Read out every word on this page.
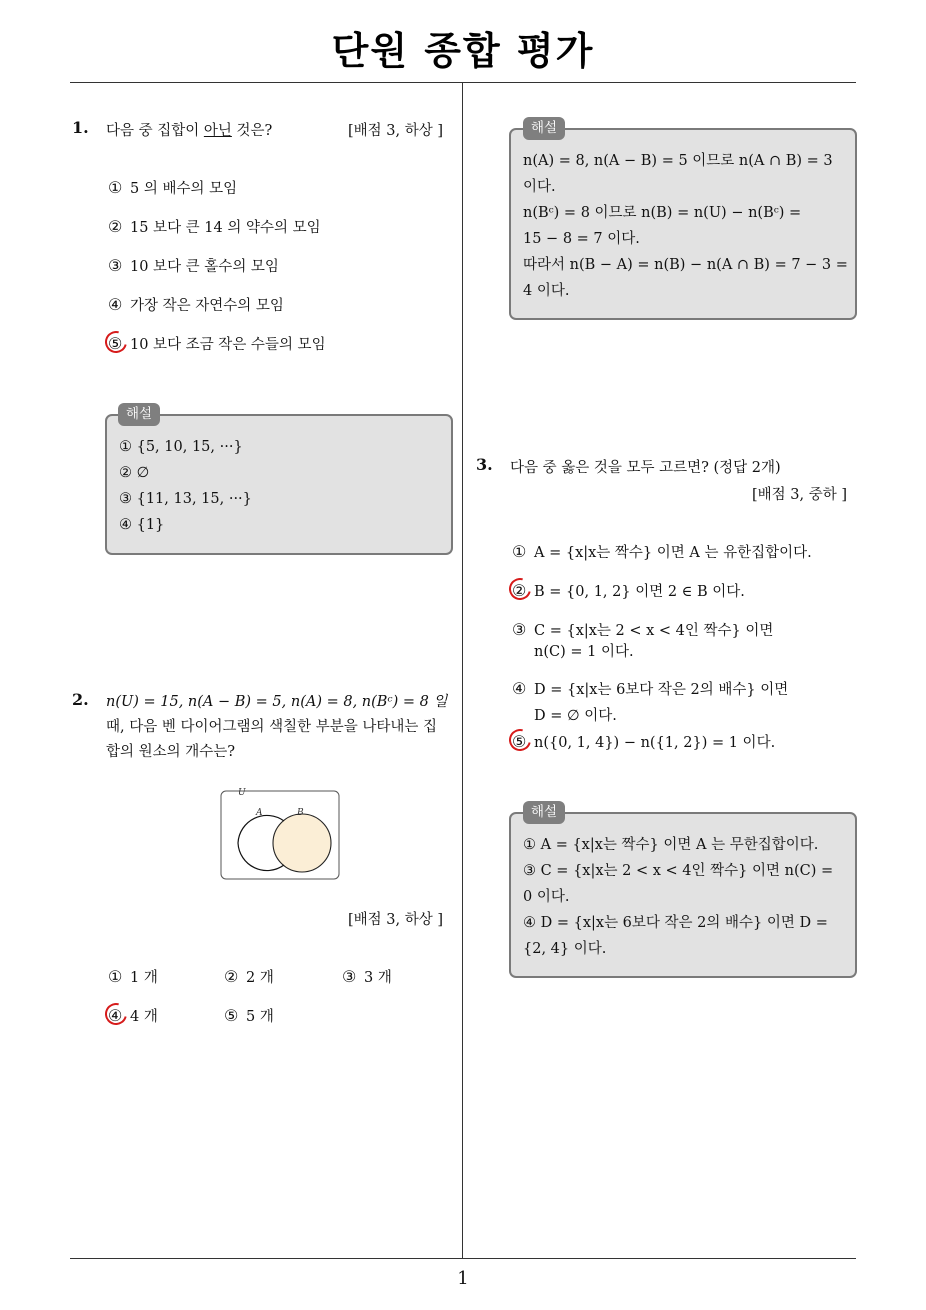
단원 종합 평가
1. 다음 중 집합이 아닌 것은?	[배점 3, 하상 ]
① 5 의 배수의 모임
② 15 보다 큰 14 의 약수의 모임
③ 10 보다 큰 홀수의 모임
④ 가장 작은 자연수의 모임
⑤ 10 보다 조금 작은 수들의 모임
① {5, 10, 15, ···}
② ∅
③ {11, 13, 15, ···}
④ {1}
해설
2. n(U) = 15, n(A − B) = 5, n(A) = 8, n(Bᶜ) = 8 일
때, 다음 벤 다이어그램의 색칠한 부분을 나타내는 집
합의 원소의 개수는?
U
A	B
[배점 3, 하상 ]
① 1 개	② 2 개	③ 3 개
④ 4 개	⑤ 5 개
n(A) = 8, n(A − B) = 5 이므로 n(A ∩ B) = 3
이다.
n(Bᶜ) = 8 이므로 n(B) = n(U) − n(Bᶜ) =
15 − 8 = 7 이다.
따라서 n(B − A) = n(B) − n(A ∩ B) = 7 − 3 =
4 이다.
해설
3. 다음 중 옳은 것을 모두 고르면? (정답 2개)
[배점 3, 중하 ]
① A = {x|x는 짝수} 이면 A 는 유한집합이다.
② B = {0, 1, 2} 이면 2 ∈ B 이다.
③ C = {x|x는 2 < x < 4인 짝수} 이면
n(C) = 1 이다.
④ D = {x|x는 6보다 작은 2의 배수} 이면
D = ∅ 이다.
⑤ n({0, 1, 4}) − n({1, 2}) = 1 이다.
① A = {x|x는 짝수} 이면 A 는 무한집합이다.
③ C = {x|x는 2 < x < 4인 짝수} 이면 n(C) =
0 이다.
④ D = {x|x는 6보다 작은 2의 배수} 이면 D =
{2, 4} 이다.
해설
1
